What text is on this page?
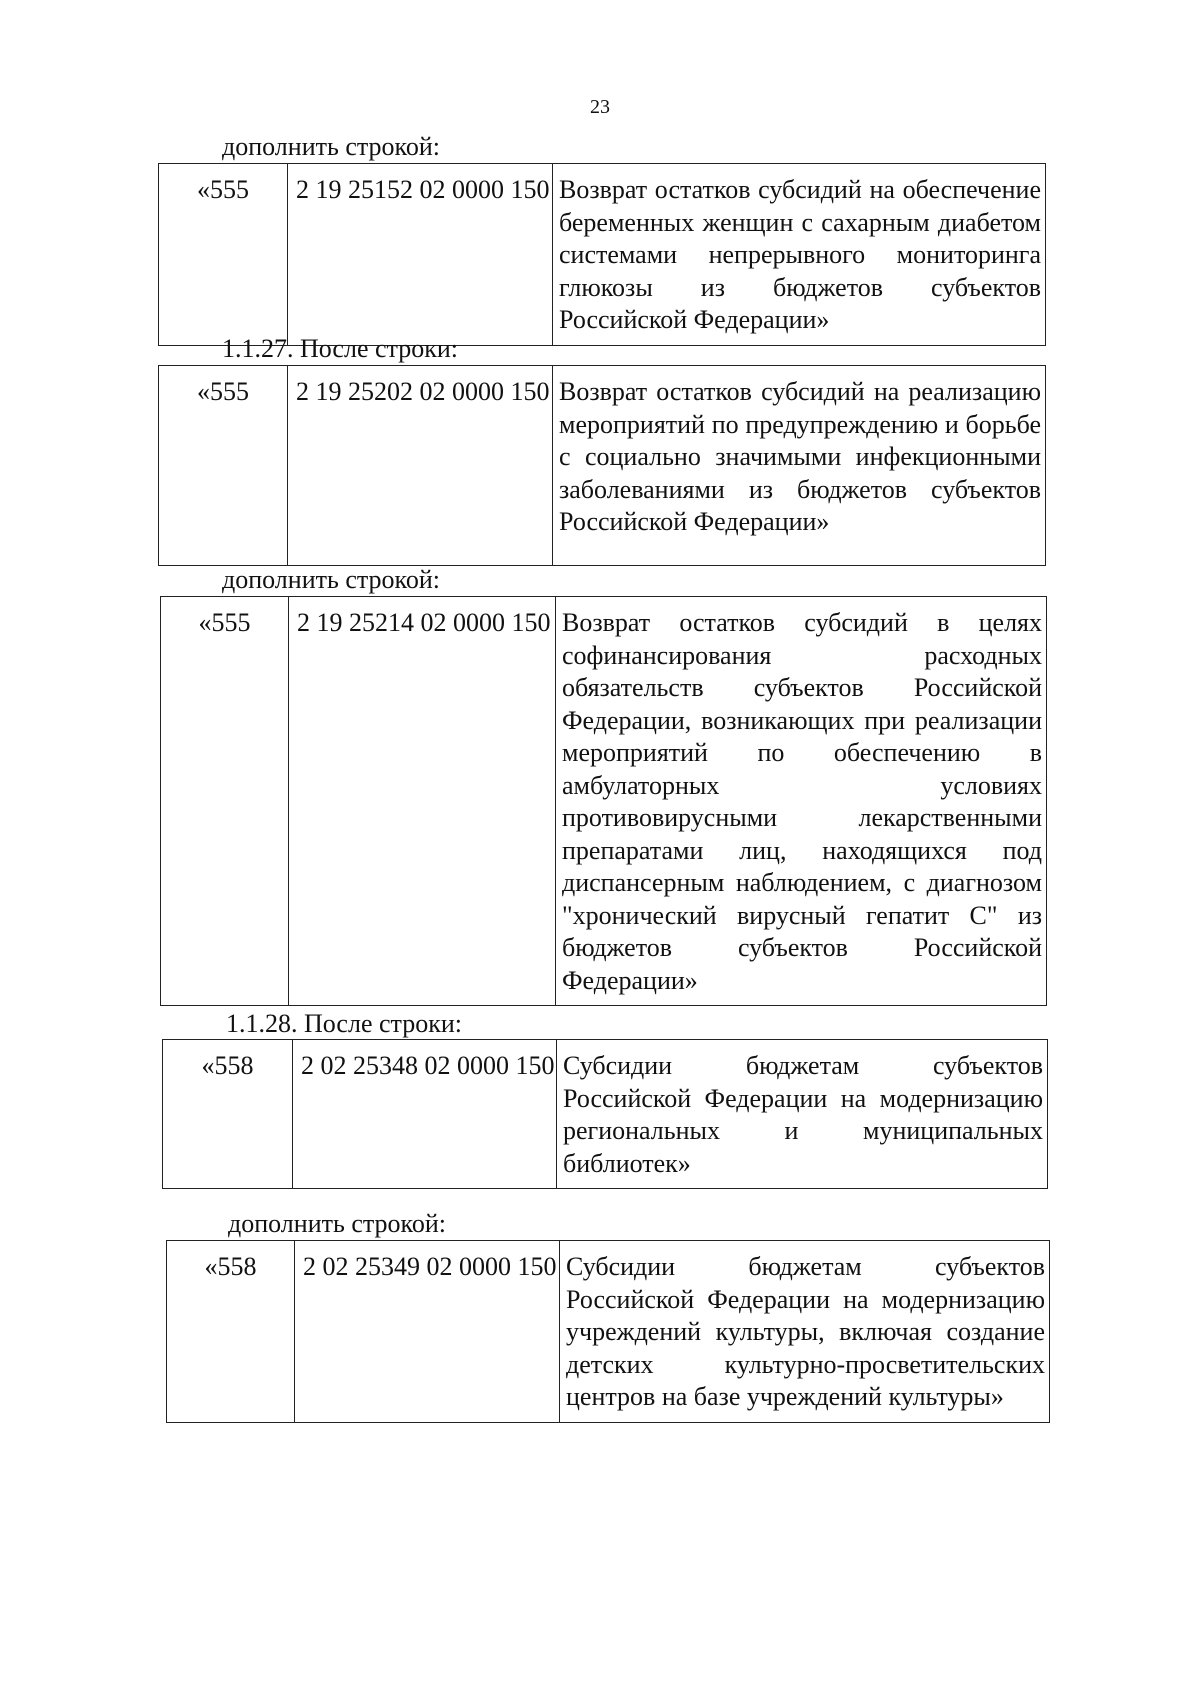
23
дополнить строкой:
«555	2 19 25152 02 0000 150	Возврат остатков субсидий на обеспечение беременных женщин с сахарным диабетом системами непрерывного мониторинга глюкозы из бюджетов субъектов Российской Федерации»
1.1.27. После строки:
«555	2 19 25202 02 0000 150	Возврат остатков субсидий на реализацию мероприятий по предупреждению и борьбе с социально значимыми инфекционными заболеваниями из бюджетов субъектов Российской Федерации»
дополнить строкой:
«555	2 19 25214 02 0000 150	Возврат остатков субсидий в целях софинансирования расходных обязательств субъектов Российской Федерации, возникающих при реализации мероприятий по обеспечению в амбулаторных условиях противовирусными лекарственными препаратами лиц, находящихся под диспансерным наблюдением, с диагнозом "хронический вирусный гепатит C" из бюджетов субъектов Российской Федерации»
1.1.28. После строки:
«558	2 02 25348 02 0000 150	Субсидии бюджетам субъектов Российской Федерации на модернизацию региональных и муниципальных библиотек»
дополнить строкой:
«558	2 02 25349 02 0000 150	Субсидии бюджетам субъектов Российской Федерации на модернизацию учреждений культуры, включая создание детских культурно-просветительских центров на базе учреждений культуры»
